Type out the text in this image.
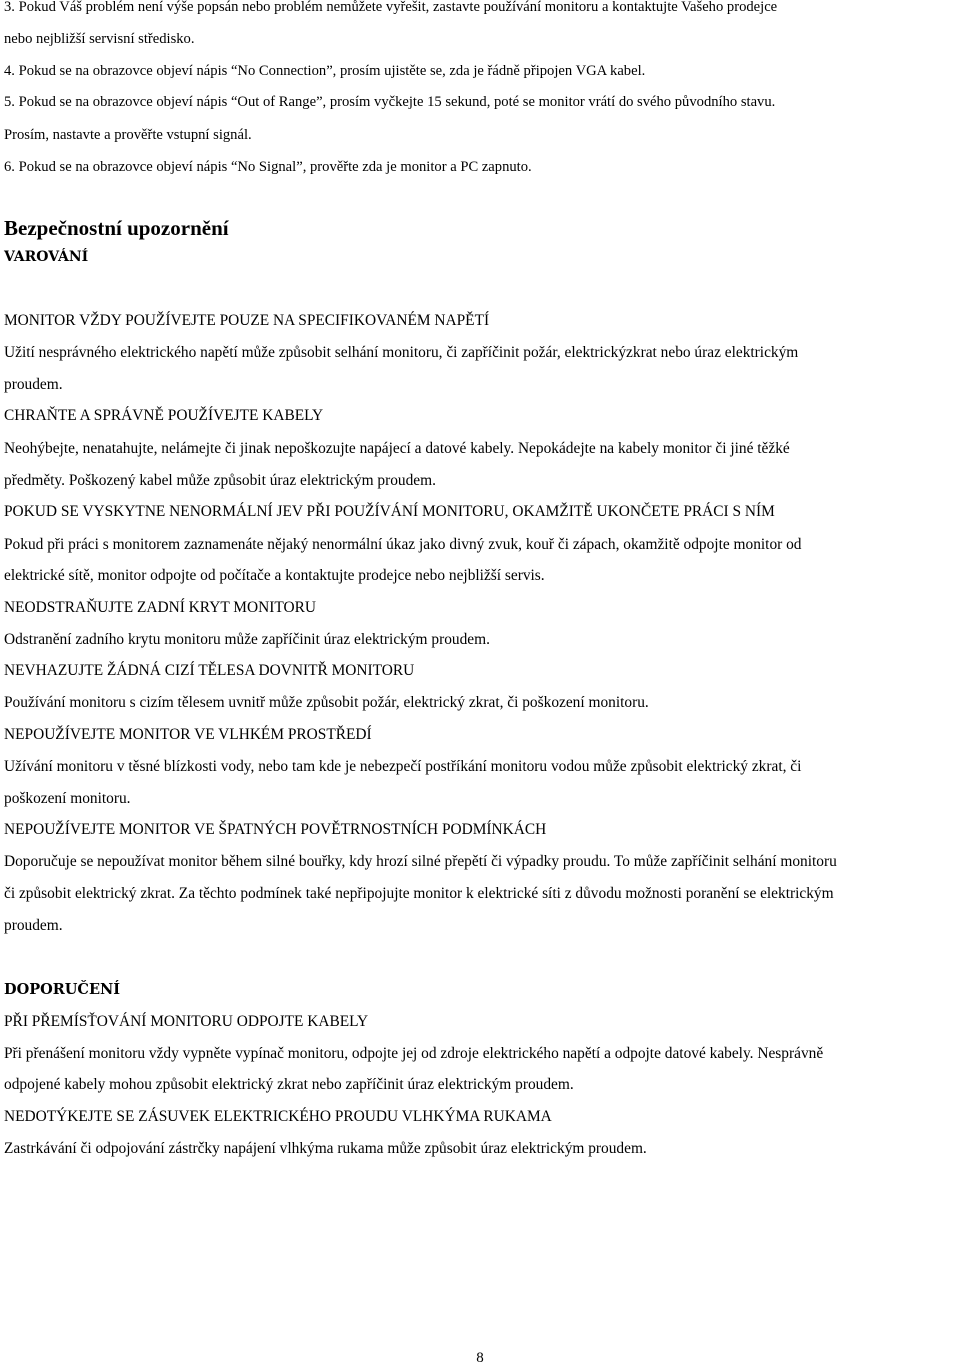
3. Pokud Váš problém není výše popsán nebo problém nemůžete vyřešit, zastavte používání monitoru a kontaktujte Vašeho prodejce
nebo nejbližší servisní středisko.
4. Pokud se na obrazovce objeví nápis “No Connection”, prosím ujistěte se, zda je řádně připojen VGA kabel.
5. Pokud se na obrazovce objeví nápis “Out of Range”, prosím vyčkejte 15 sekund, poté se monitor vrátí do svého původního stavu.
Prosím, nastavte a prověřte vstupní signál.
6. Pokud se na obrazovce objeví nápis “No Signal”, prověřte zda je monitor a PC zapnuto.
Bezpečnostní upozornění
VAROVÁNÍ
MONITOR VŽDY POUŽÍVEJTE POUZE NA SPECIFIKOVANÉM NAPĚTÍ
Užití nesprávného elektrického napětí může způsobit selhání monitoru, či zapříčinit požár, elektrickýzkrat nebo úraz elektrickým
proudem.
CHRAŇTE A SPRÁVNĚ POUŽÍVEJTE KABELY
Neohýbejte, nenatahujte, nelámejte či jinak nepoškozujte napájecí a datové kabely. Nepokádejte na kabely monitor či jiné těžké
předměty. Poškozený kabel může způsobit úraz elektrickým proudem.
POKUD SE VYSKYTNE NENORMÁLNÍ JEV PŘI POUŽÍVÁNÍ MONITORU, OKAMŽITĚ UKONČETE PRÁCI S NÍM
Pokud při práci s monitorem zaznamenáte nějaký nenormální úkaz jako divný zvuk, kouř či zápach, okamžitě odpojte monitor od
elektrické sítě, monitor odpojte od počítače a kontaktujte prodejce nebo nejbližší servis.
NEODSTRAŇUJTE ZADNÍ KRYT MONITORU
Odstranění zadního krytu monitoru může zapříčinit úraz elektrickým proudem.
NEVHAZUJTE ŽÁDNÁ CIZÍ TĚLESA DOVNITŘ MONITORU
Používání monitoru s cizím tělesem uvnitř může způsobit požár, elektrický zkrat, či poškození monitoru.
NEPOUŽÍVEJTE MONITOR VE VLHKÉM PROSTŘEDÍ
Užívání monitoru v těsné blízkosti vody, nebo tam kde je nebezpečí postříkání monitoru vodou může způsobit elektrický zkrat, či
poškození monitoru.
NEPOUŽÍVEJTE MONITOR VE ŠPATNÝCH POVĚTRNOSTNÍCH PODMÍNKÁCH
Doporučuje se nepoužívat monitor během silné bouřky, kdy hrozí silné přepětí či výpadky proudu. To může zapříčinit selhání monitoru
či způsobit elektrický zkrat. Za těchto podmínek také nepřipojujte monitor k elektrické síti z důvodu možnosti poranění se elektrickým
proudem.
DOPORUČENÍ
PŘI PŘEMÍSŤOVÁNÍ MONITORU ODPOJTE KABELY
Při přenášení monitoru vždy vypněte vypínač monitoru, odpojte jej od zdroje elektrického napětí a odpojte datové kabely. Nesprávně
odpojené kabely mohou způsobit elektrický zkrat nebo zapříčinit úraz elektrickým proudem.
NEDOTÝKEJTE SE ZÁSUVEK ELEKTRICKÉHO PROUDU VLHKÝMA RUKAMA
Zastrkávání či odpojování zástrčky napájení vlhkýma rukama může způsobit úraz elektrickým proudem.
8
